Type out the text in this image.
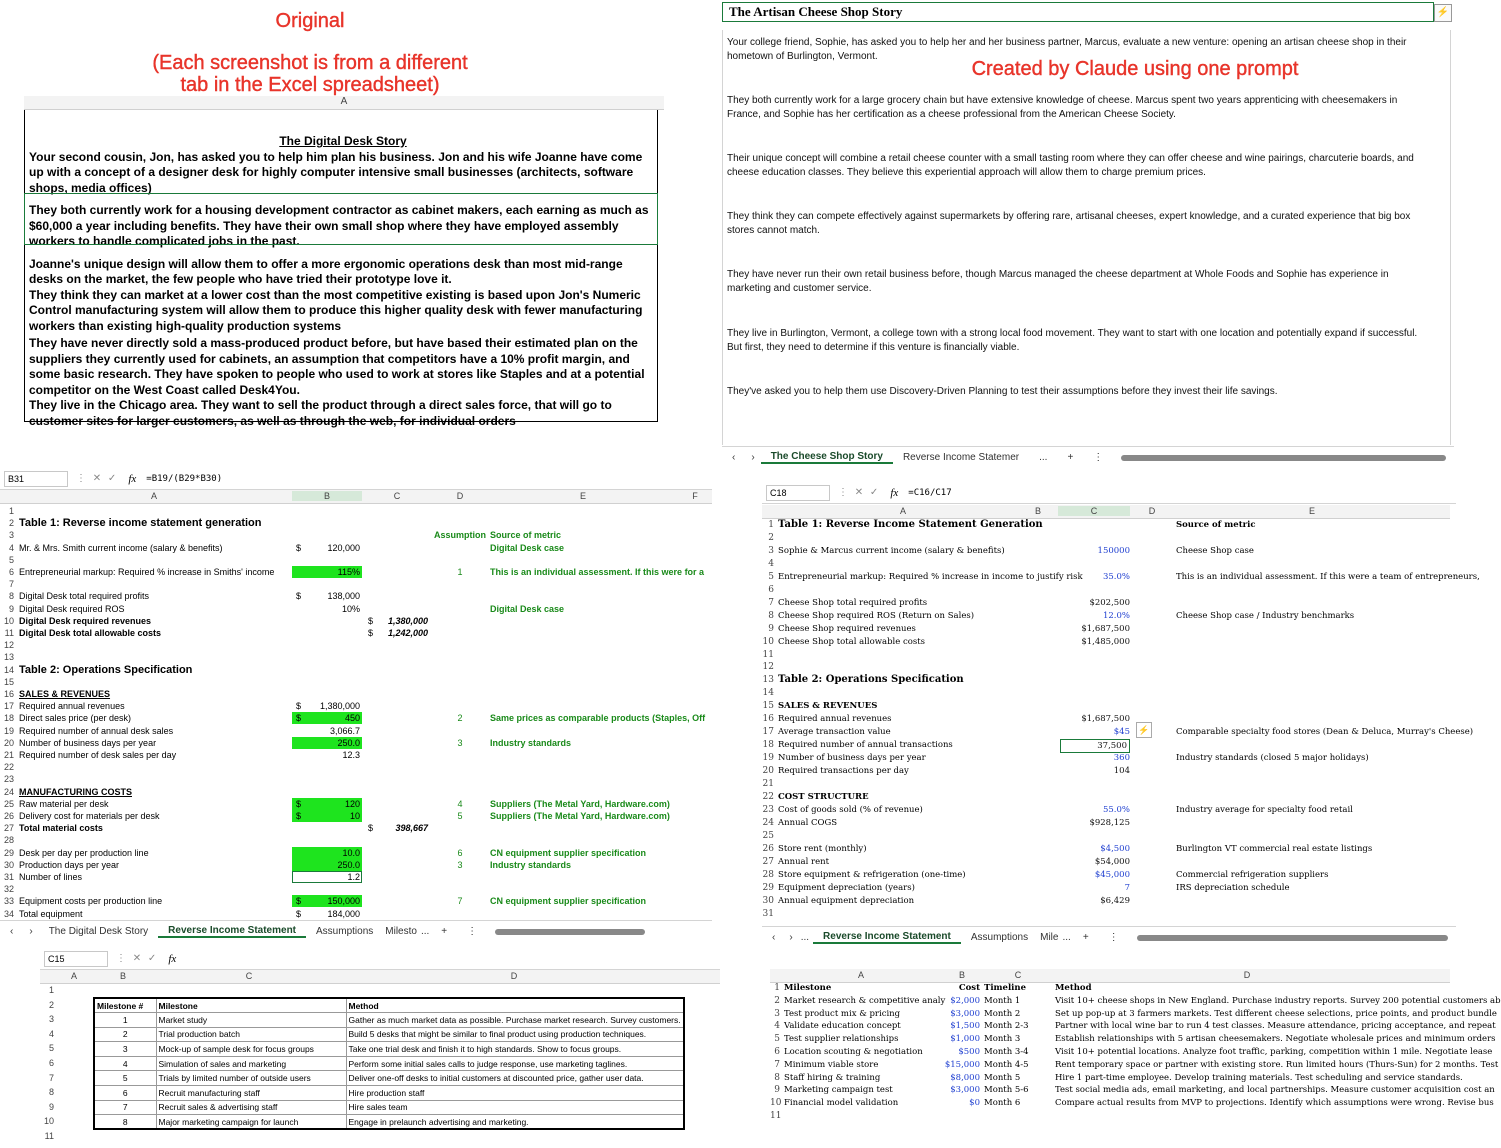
Original
(Each screenshot is from a different tab in the Excel spreadsheet)
Created by Claude using one prompt
A
The Digital Desk Story

Your second cousin, Jon, has asked you to help him plan his business. Jon and his wife Joanne have come up with a concept of a designer desk for highly computer intensive small businesses (architects, software shops, media offices)

They both currently work for a housing development contractor as cabinet makers, each earning as much as $60,000 a year including benefits. They have their own small shop where they have employed assembly workers to handle complicated jobs in the past.

Joanne's unique design will allow them to offer a more ergonomic operations desk than most mid-range desks on the market, the few people who have tried their prototype love it.

They think they can market at a lower cost than the most competitive existing is based upon Jon's Numeric Control manufacturing system will allow them to produce this higher quality desk with fewer manufacturing workers than existing high-quality production systems

They have never directly sold a mass-produced product before, but have based their estimated plan on the suppliers they currently used for cabinets, an assumption that competitors have a 10% profit margin, and some basic research. They have spoken to people who used to work at stores like Staples and at a potential competitor on the West Coast called Desk4You.

They live in the Chicago area. They want to sell the product through a direct sales force, that will go to customer sites for larger customers, as well as through the web, for individual orders

The Artisan Cheese Shop Story	⚡

Your college friend, Sophie, has asked you to help her and her business partner, Marcus, evaluate a new venture: opening an artisan cheese shop in their hometown of Burlington, Vermont.

They both currently work for a large grocery chain but have extensive knowledge of cheese. Marcus spent two years apprenticing with cheesemakers in France, and Sophie has her certification as a cheese professional from the American Cheese Society.

Their unique concept will combine a retail cheese counter with a small tasting room where they can offer cheese and wine pairings, charcuterie boards, and cheese education classes. They believe this experiential approach will allow them to charge premium prices.

They think they can compete effectively against supermarkets by offering rare, artisanal cheeses, expert knowledge, and a curated experience that big box stores cannot match.

They have never run their own retail business before, though Marcus managed the cheese department at Whole Foods and Sophie has experience in marketing and customer service.

They live in Burlington, Vermont, a college town with a strong local food movement. They want to start with one location and potentially expand if successful. But first, they need to determine if this venture is financially viable.

They've asked you to help them use Discovery-Driven Planning to test their assumptions before they invest their life savings.

‹	›	The Cheese Shop Story	Reverse Income Statemer	...	+	⋮
B31	⋮ ✕ ✓ fx =B19/(B29*B30)
A	B	C	D	E	F
1
2 Table 1: Reverse income statement generation
3	Assumption Source of metric
4 Mr. & Mrs. Smith current income (salary & benefits)	$	120,000	Digital Desk case
5
6 Entrepreneurial markup: Required % increase in Smiths' income	115%	1	This is an individual assessment. If this were for a
7
8 Digital Desk total required profits	$	138,000
9 Digital Desk required ROS	10%	Digital Desk case
10 Digital Desk required revenues	$	1,380,000
11 Digital Desk total allowable costs	$	1,242,000
12
13
14 Table 2: Operations Specification
15
16 SALES & REVENUES
17 Required annual revenues	$	1,380,000
18 Direct sales price (per desk)	$	450	2	Same prices as comparable products (Staples, Off
19 Required number of annual desk sales	3,066.7
20 Number of business days per year	250.0	3	Industry standards
21 Required number of desk sales per day	12.3
22
23
24 MANUFACTURING COSTS
25 Raw material per desk	$	120	4	Suppliers (The Metal Yard, Hardware.com)
26 Delivery cost for materials per desk	$	10	5	Suppliers (The Metal Yard, Hardware.com)
27 Total material costs	$	398,667
28
29 Desk per day per production line	10.0	6	CN equipment supplier specification
30 Production days per year	250.0	3	Industry standards
31 Number of lines	1.2
32
33 Equipment costs per production line	$	150,000	7	CN equipment supplier specification
34 Total equipment	$	184,000
‹	›	The Digital Desk Story	Reverse Income Statement	Assumptions	Milesto ...	+	⋮
C18	⋮ ✕ ✓ fx =C16/C17
A	B	C	D	E
1 Table 1: Reverse Income Statement Generation	Source of metric
2
3 Sophie & Marcus current income (salary & benefits)	150000	Cheese Shop case
4
5 Entrepreneurial markup: Required % increase in income to justify risk	35.0%	This is an individual assessment. If this were a team of entrepreneurs,
6
7 Cheese Shop total required profits	$202,500
8 Cheese Shop required ROS (Return on Sales)	12.0%	Cheese Shop case / Industry benchmarks
9 Cheese Shop required revenues	$1,687,500
10 Cheese Shop total allowable costs	$1,485,000
11
12
13 Table 2: Operations Specification
14
15 SALES & REVENUES
16 Required annual revenues	$1,687,500
17 Average transaction value	$45	Comparable specialty food stores (Dean & Deluca, Murray's Cheese)
18 Required number of annual transactions	37,500
19 Number of business days per year	360	Industry standards (closed 5 major holidays)
20 Required transactions per day	104
21
22 COST STRUCTURE
23 Cost of goods sold (% of revenue)	55.0%	Industry average for specialty food retail
24 Annual COGS	$928,125
25
26 Store rent (monthly)	$4,500	Burlington VT commercial real estate listings
27 Annual rent	$54,000
28 Store equipment & refrigeration (one-time)	$45,000	Commercial refrigeration suppliers
29 Equipment depreciation (years)	7	IRS depreciation schedule
30 Annual equipment depreciation	$6,429
31
⚡
‹	› ...	Reverse Income Statement	Assumptions	Mile ...	+	⋮
C15	⋮ ✕ ✓ fx
A	B	C	D
1
2
3
4
5
6
7
8
9
10
11
Milestone #	Milestone	Method
1	Market study	Gather as much market data as possible. Purchase market research. Survey customers.
2	Trial production batch	Build 5 desks that might be similar to final product using production techniques.
3	Mock-up of sample desk for focus groups	Take one trial desk and finish it to high standards. Show to focus groups.
4	Simulation of sales and marketing	Perform some initial sales calls to judge response, use marketing taglines.
5	Trials by limited number of outside users	Deliver one-off desks to initial customers at discounted price, gather user data.
6	Recruit manufacturing staff	Hire production staff
7	Recruit sales & advertising staff	Hire sales team
8	Major marketing campaign for launch	Engage in prelaunch advertising and marketing.
A	B	C	D
1 Milestone	Cost Timeline	Method
2 Market research & competitive analy $2,000 Month 1	Visit 10+ cheese shops in New England. Purchase industry reports. Survey 200 potential customers ab
3 Test product mix & pricing	$3,000 Month 2	Set up pop-up at 3 farmers markets. Test different cheese selections, price points, and product bundle
4 Validate education concept	$1,500 Month 2-3	Partner with local wine bar to run 4 test classes. Measure attendance, pricing acceptance, and repeat
5 Test supplier relationships	$1,000 Month 3	Establish relationships with 5 artisan cheesemakers. Negotiate wholesale prices and minimum orders
6 Location scouting & negotiation	$500 Month 3-4	Visit 10+ potential locations. Analyze foot traffic, parking, competition within 1 mile. Negotiate lease
7 Minimum viable store	$15,000 Month 4-5	Rent temporary space or partner with existing store. Run limited hours (Thurs-Sun) for 2 months. Test
8 Staff hiring & training	$8,000 Month 5	Hire 1 part-time employee. Develop training materials. Test scheduling and service standards.
9 Marketing campaign test	$3,000 Month 5-6	Test social media ads, email marketing, and local partnerships. Measure customer acquisition cost an
10 Financial model validation	$0 Month 6	Compare actual results from MVP to projections. Identify which assumptions were wrong. Revise bus
11
